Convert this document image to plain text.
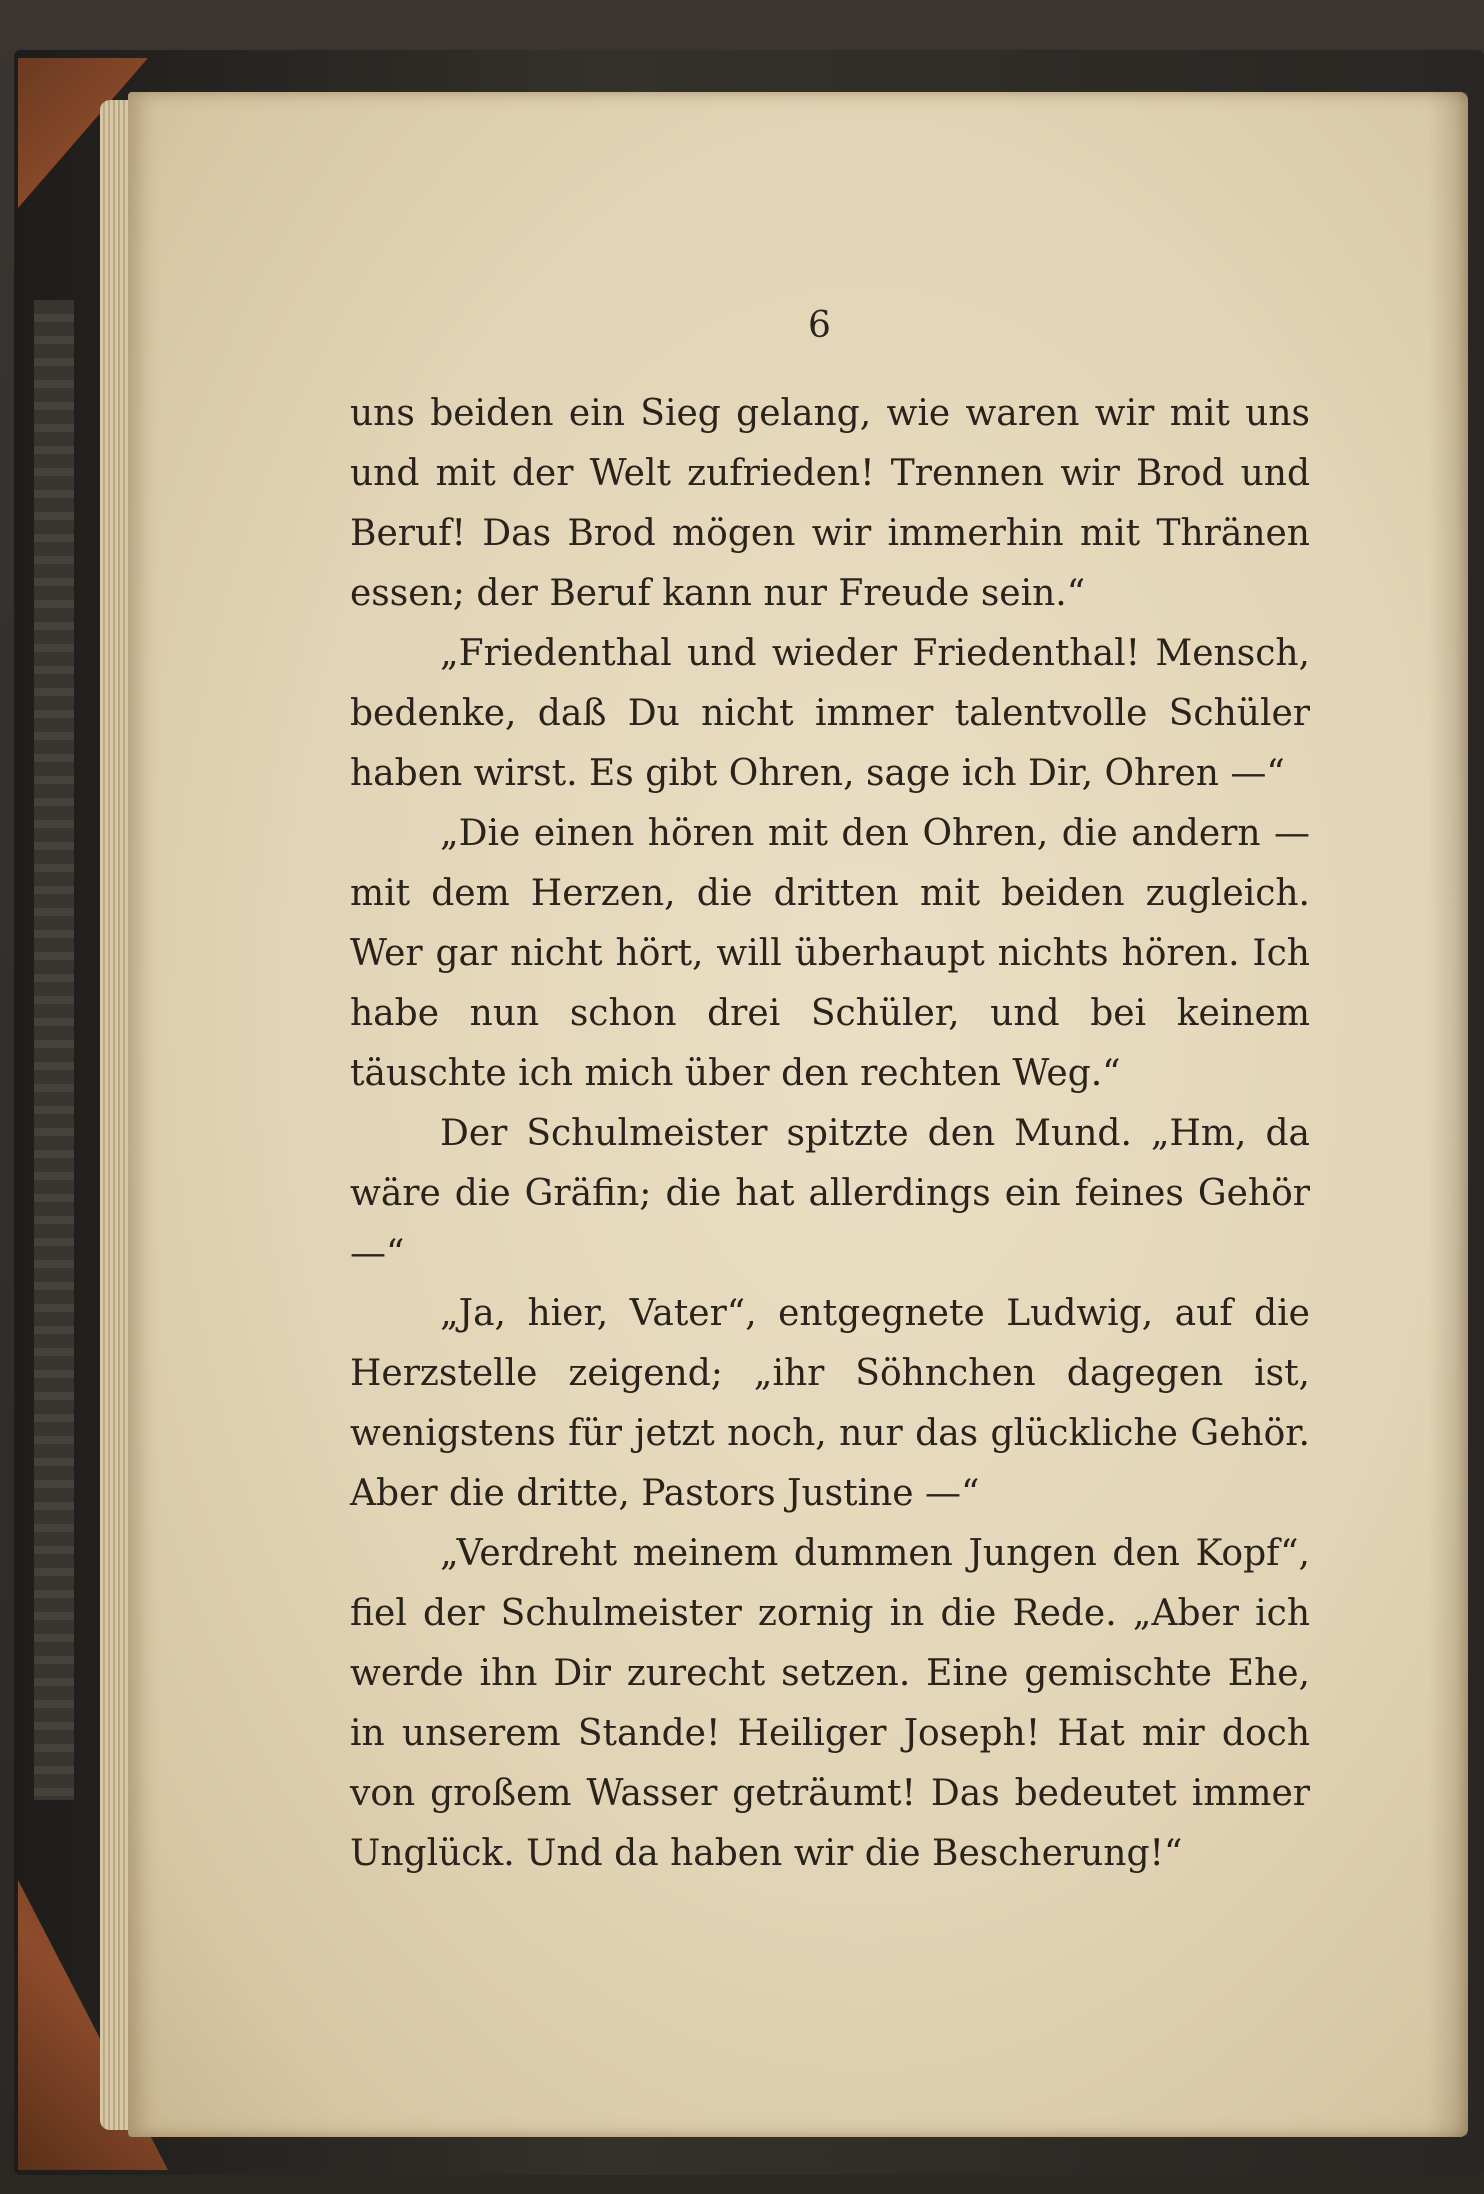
6

uns beiden ein Sieg gelang, wie waren wir mit uns und mit der Welt zufrieden! Trennen wir Brod und Beruf! Das Brod mögen wir immerhin mit Thränen essen; der Beruf kann nur Freude sein.“

„Friedenthal und wieder Friedenthal! Mensch, bedenke, daß Du nicht immer talentvolle Schüler haben wirst. Es gibt Ohren, sage ich Dir, Ohren —“

„Die einen hören mit den Ohren, die andern — mit dem Herzen, die dritten mit beiden zugleich. Wer gar nicht hört, will überhaupt nichts hören. Ich habe nun schon drei Schüler, und bei keinem täuschte ich mich über den rechten Weg.“

Der Schulmeister spitzte den Mund. „Hm, da wäre die Gräfin; die hat allerdings ein feines Gehör —“

„Ja, hier, Vater“, entgegnete Ludwig, auf die Herzstelle zeigend; „ihr Söhnchen dagegen ist, wenigstens für jetzt noch, nur das glückliche Gehör. Aber die dritte, Pastors Justine —“

„Verdreht meinem dummen Jungen den Kopf“, fiel der Schulmeister zornig in die Rede. „Aber ich werde ihn Dir zurecht setzen. Eine gemischte Ehe, in unserem Stande! Heiliger Joseph! Hat mir doch von großem Wasser geträumt! Das bedeutet immer Unglück. Und da haben wir die Bescherung!“
